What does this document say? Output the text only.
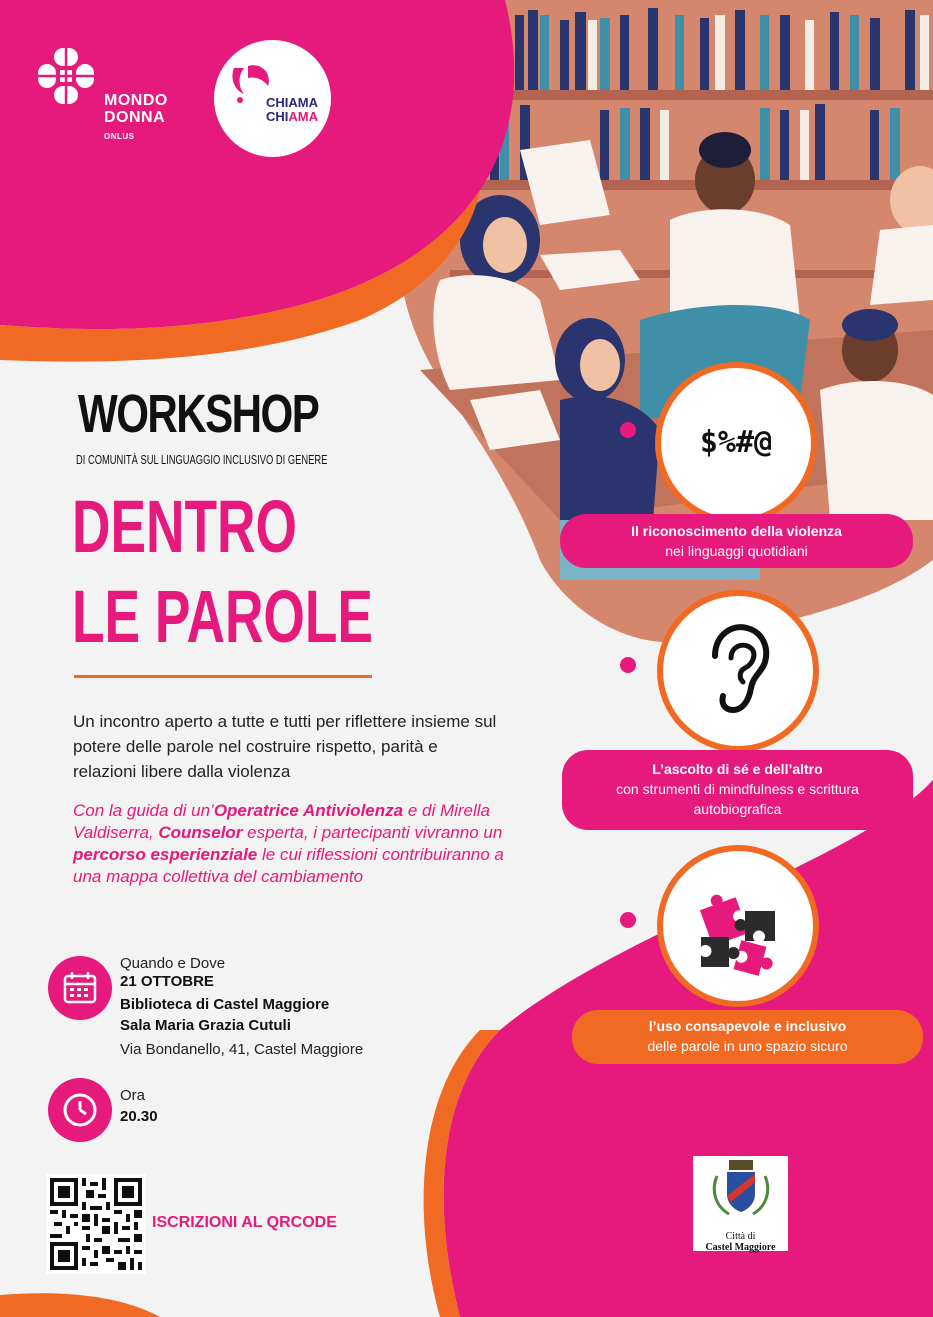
MONDO
DONNA
ONLUS
CHIAMA
CHIAMA
WORKSHOP
DI COMUNITÀ SUL LINGUAGGIO INCLUSIVO DI GENERE
DENTRO
LE PAROLE
Un incontro aperto a tutte e tutti per riflettere insieme sul potere delle parole nel costruire rispetto, parità e relazioni libere dalla violenza
Con la guida di un’Operatrice Antiviolenza e di Mirella Valdiserra, Counselor esperta, i partecipanti vivranno un percorso esperienziale le cui riflessioni contribuiranno a una mappa collettiva del cambiamento
Quando e Dove
21 OTTOBRE
Biblioteca di Castel Maggiore
Sala Maria Grazia Cutuli
Via Bondanello, 41, Castel Maggiore
Ora
20.30
ISCRIZIONI AL QRCODE
$%#@
Il riconoscimento della violenza
nei linguaggi quotidiani
L’ascolto di sé e dell’altro
con strumenti di mindfulness e scrittura autobiografica
l’uso consapevole e inclusivo
delle parole in uno spazio sicuro
Città di
Castel Maggiore
